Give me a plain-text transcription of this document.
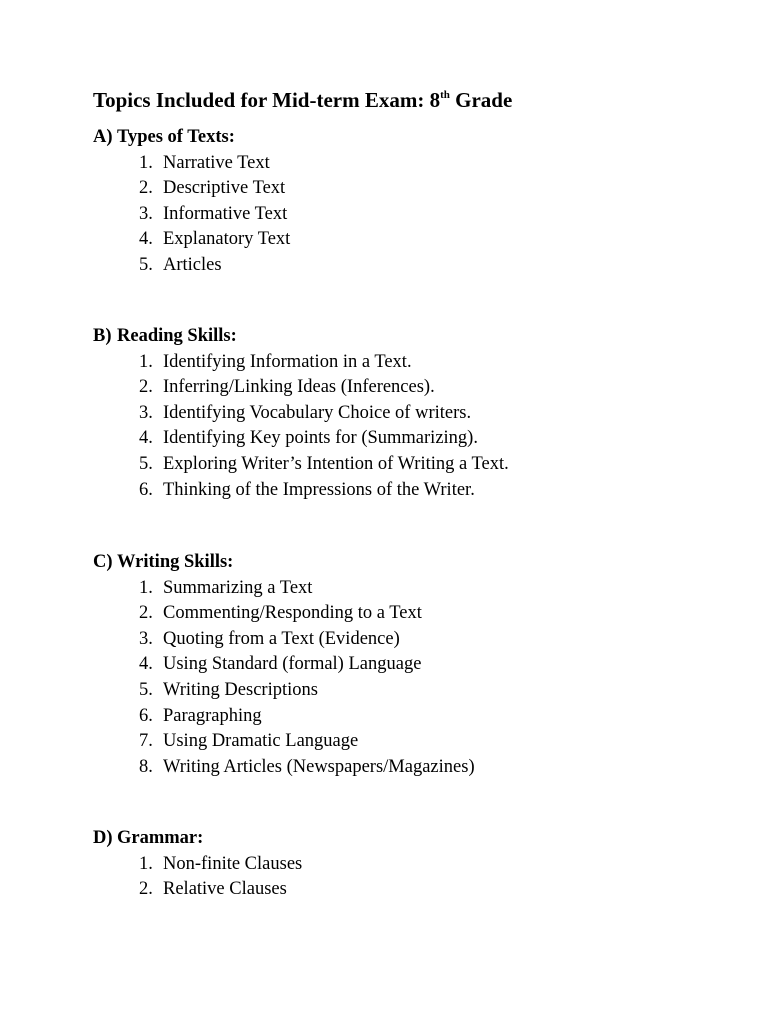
Topics Included for Mid-term Exam: 8th Grade
A) Types of Texts:
1. Narrative Text
2. Descriptive Text
3. Informative Text
4. Explanatory Text
5. Articles
B) Reading Skills:
1. Identifying Information in a Text.
2. Inferring/Linking Ideas (Inferences).
3. Identifying Vocabulary Choice of writers.
4. Identifying Key points for (Summarizing).
5. Exploring Writer’s Intention of Writing a Text.
6. Thinking of the Impressions of the Writer.
C) Writing Skills:
1. Summarizing a Text
2. Commenting/Responding to a Text
3. Quoting from a Text (Evidence)
4. Using Standard (formal) Language
5. Writing Descriptions
6. Paragraphing
7. Using Dramatic Language
8. Writing Articles (Newspapers/Magazines)
D) Grammar:
1. Non-finite Clauses
2. Relative Clauses
